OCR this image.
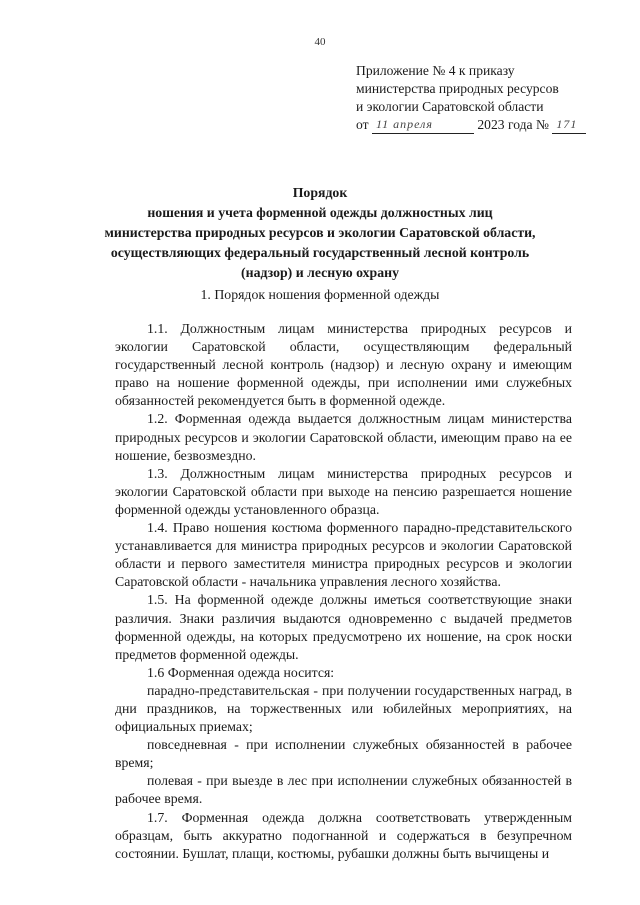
40
Приложение № 4 к приказу
министерства природных ресурсов
и экологии Саратовской области
от 11 апреля	2023 года № 171
Порядок
ношения и учета форменной одежды должностных лиц
министерства природных ресурсов и экологии Саратовской области,
осуществляющих федеральный государственный лесной контроль
(надзор) и лесную охрану
1. Порядок ношения форменной одежды

1.1. Должностным лицам министерства природных ресурсов и экологии Саратовской области, осуществляющим федеральный государственный лесной контроль (надзор) и лесную охрану и имеющим право на ношение форменной одежды, при исполнении ими служебных обязанностей рекомендуется быть в форменной одежде.

1.2. Форменная одежда выдается должностным лицам министерства природных ресурсов и экологии Саратовской области, имеющим право на ее ношение, безвозмездно.

1.3. Должностным лицам министерства природных ресурсов и экологии Саратовской области при выходе на пенсию разрешается ношение форменной одежды установленного образца.

1.4. Право ношения костюма форменного парадно-представительского устанавливается для министра природных ресурсов и экологии Саратовской области и первого заместителя министра природных ресурсов и экологии Саратовской области - начальника управления лесного хозяйства.

1.5. На форменной одежде должны иметься соответствующие знаки различия. Знаки различия выдаются одновременно с выдачей предметов форменной одежды, на которых предусмотрено их ношение, на срок носки предметов форменной одежды.

1.6 Форменная одежда носится:

парадно-представительская - при получении государственных наград, в дни праздников, на торжественных или юбилейных мероприятиях, на официальных приемах;

повседневная - при исполнении служебных обязанностей в рабочее время;

полевая - при выезде в лес при исполнении служебных обязанностей в рабочее время.

1.7. Форменная одежда должна соответствовать утвержденным образцам, быть аккуратно подогнанной и содержаться в безупречном состоянии. Бушлат, плащи, костюмы, рубашки должны быть вычищены и
